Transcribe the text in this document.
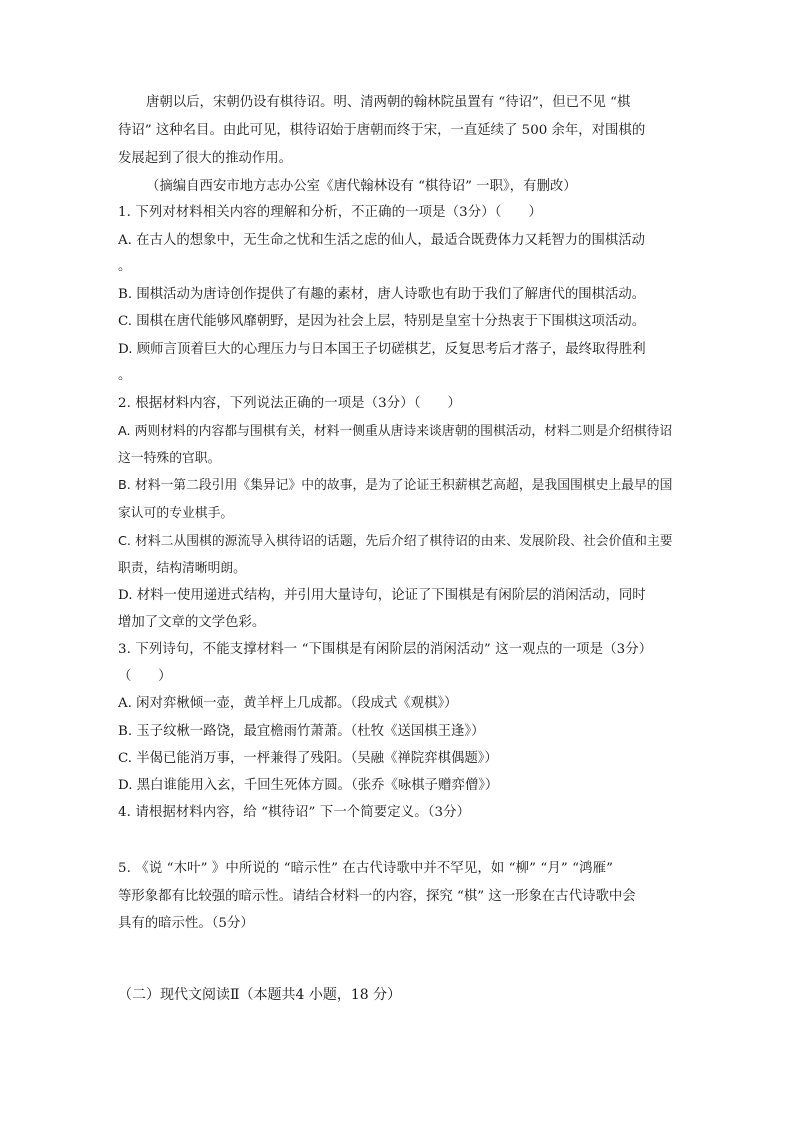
唐朝以后，宋朝仍设有棋待诏。明、清两朝的翰林院虽置有 “待诏”，但已不见 “棋
待诏” 这种名目。由此可见，棋待诏始于唐朝而终于宋，一直延续了 500 余年，对围棋的
发展起到了很大的推动作用。
（摘编自西安市地方志办公室《唐代翰林设有 “棋待诏” 一职》，有删改）
1. 下列对材料相关内容的理解和分析，不正确的一项是（3分）（　　）
A. 在古人的想象中，无生命之忧和生活之虑的仙人，最适合既费体力又耗智力的围棋活动
。
B. 围棋活动为唐诗创作提供了有趣的素材，唐人诗歌也有助于我们了解唐代的围棋活动。
C. 围棋在唐代能够风靡朝野，是因为社会上层，特别是皇室十分热衷于下围棋这项活动。
D. 顾师言顶着巨大的心理压力与日本国王子切磋棋艺，反复思考后才落子，最终取得胜利
。
2. 根据材料内容，下列说法正确的一项是（3分）（　　）
A. 两则材料的内容都与围棋有关，材料一侧重从唐诗来谈唐朝的围棋活动，材料二则是介绍棋待诏
这一特殊的官职。
B. 材料一第二段引用《集异记》中的故事，是为了论证王积薪棋艺高超，是我国围棋史上最早的国
家认可的专业棋手。
C. 材料二从围棋的源流导入棋待诏的话题，先后介绍了棋待诏的由来、发展阶段、社会价值和主要
职责，结构清晰明朗。
D. 材料一使用递进式结构，并引用大量诗句，论证了下围棋是有闲阶层的消闲活动，同时
增加了文章的文学色彩。
3. 下列诗句，不能支撑材料一 “下围棋是有闲阶层的消闲活动” 这一观点的一项是（3分）
（　　）
A. 闲对弈楸倾一壶，黄羊枰上几成都。（段成式《观棋》）
B. 玉子纹楸一路饶，最宜檐雨竹萧萧。（杜牧《送国棋王逢》）
C. 半偈已能消万事，一枰兼得了残阳。（吴融《禅院弈棋偶题》）
D. 黑白谁能用入玄，千回生死体方圆。（张乔《咏棋子赠弈僧》）
4. 请根据材料内容，给 “棋待诏” 下一个简要定义。（3分）
5. 《说 “木叶” 》中所说的 “暗示性” 在古代诗歌中并不罕见，如 “柳” “月” “鸿雁”
等形象都有比较强的暗示性。请结合材料一的内容，探究 “棋” 这一形象在古代诗歌中会
具有的暗示性。（5分）
（二）现代文阅读Ⅱ（本题共4 小题，18 分）
